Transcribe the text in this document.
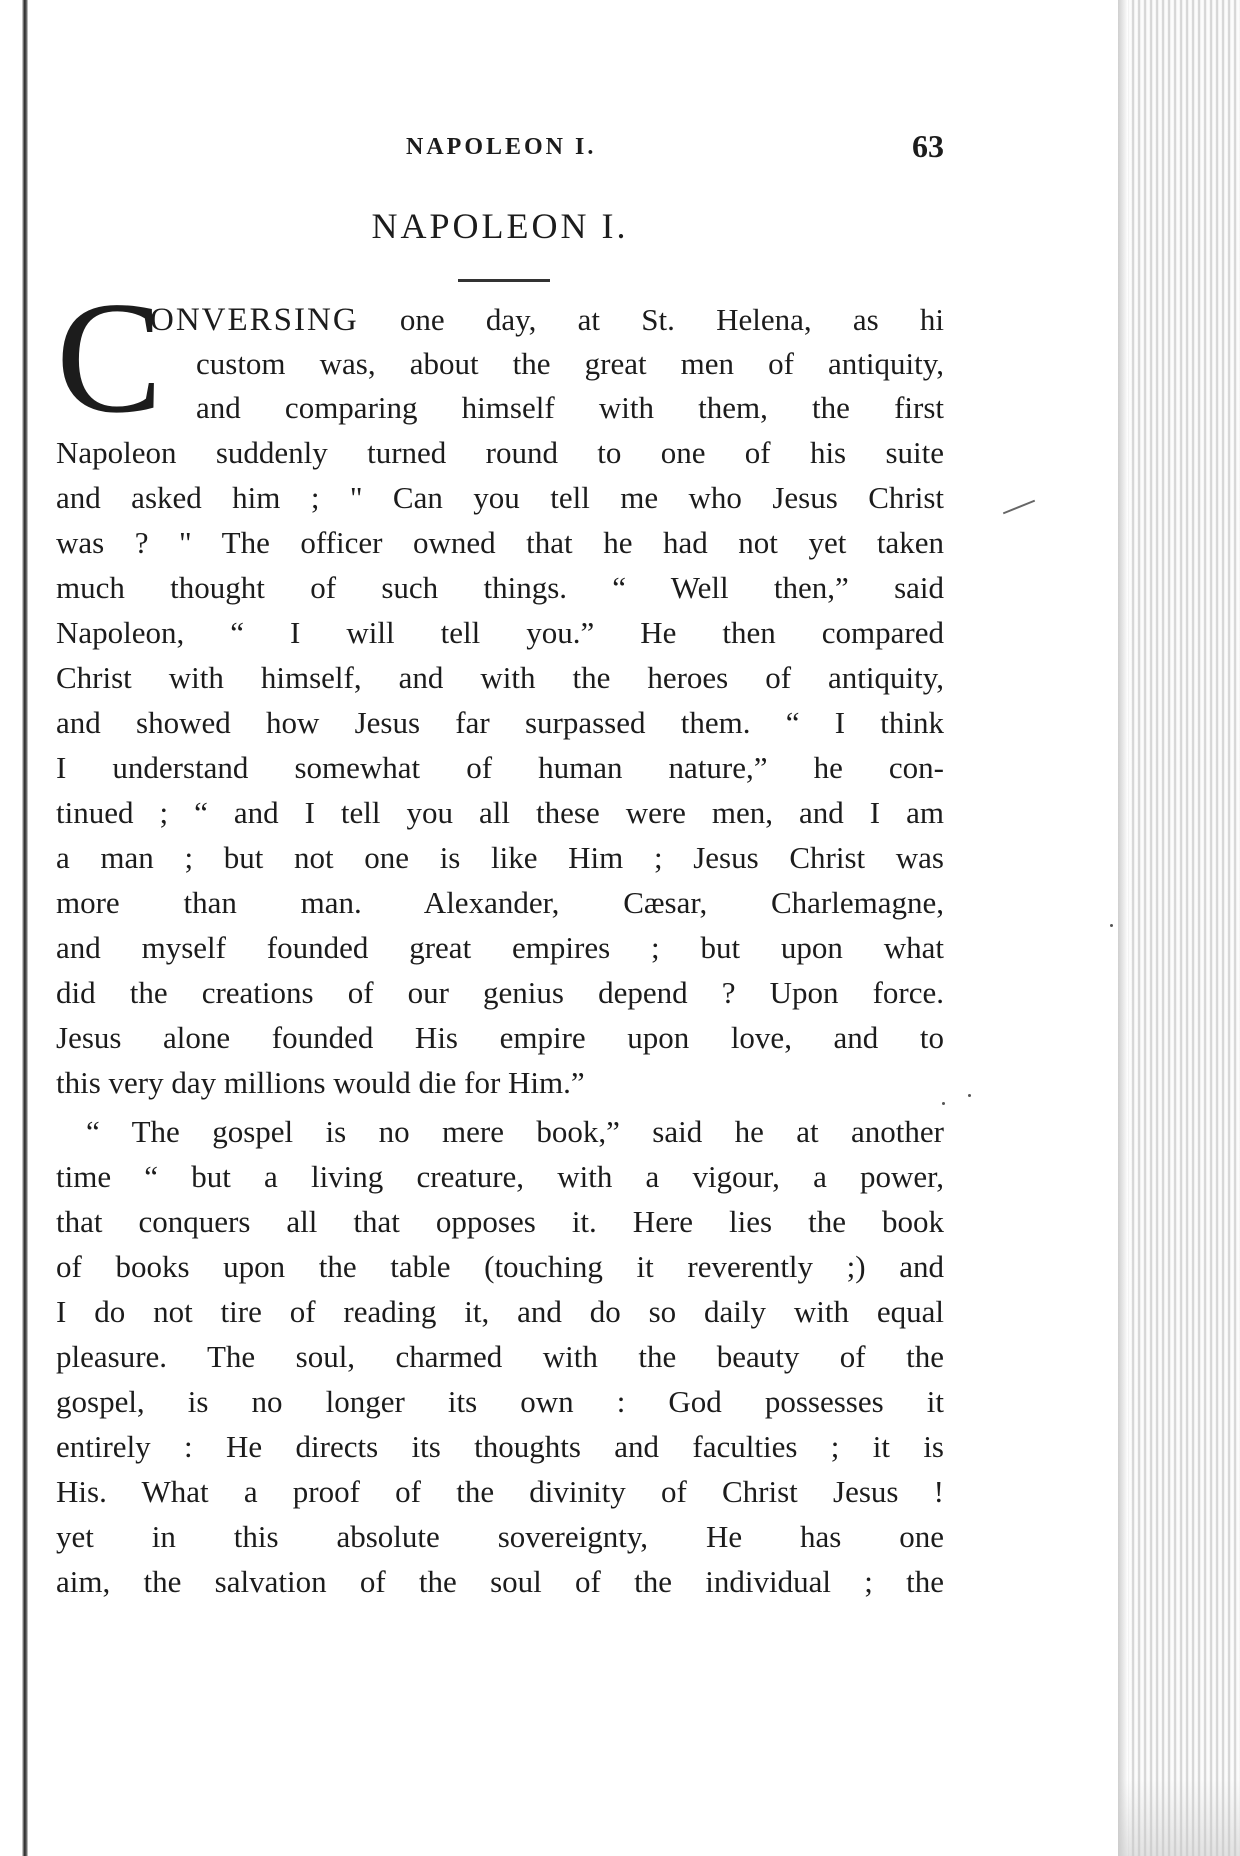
NAPOLEON I.	63
NAPOLEON I.
C
ONVERSING one day, at St. Helena, as hi
custom was, about the great men of antiquity,
and comparing himself with them, the first
Napoleon suddenly turned round to one of his suite
and asked him ; " Can you tell me who Jesus Christ
was ? " The officer owned that he had not yet taken
much thought of such things. “ Well then,” said
Napoleon, “ I will tell you.” He then compared
Christ with himself, and with the heroes of antiquity,
and showed how Jesus far surpassed them. “ I think
I understand somewhat of human nature,” he con-
tinued ; “ and I tell you all these were men, and I am
a man ; but not one is like Him ; Jesus Christ was
more than man. Alexander, Cæsar, Charlemagne,
and myself founded great empires ; but upon what
did the creations of our genius depend ? Upon force.
Jesus alone founded His empire upon love, and to
this very day millions would die for Him.”
“ The gospel is no mere book,” said he at another
time “ but a living creature, with a vigour, a power,
that conquers all that opposes it. Here lies the book
of books upon the table (touching it reverently ;) and
I do not tire of reading it, and do so daily with equal
pleasure. The soul, charmed with the beauty of the
gospel, is no longer its own : God possesses it
entirely : He directs its thoughts and faculties ; it is
His. What a proof of the divinity of Christ Jesus !
yet in this absolute sovereignty, He has one
aim, the salvation of the soul of the individual ; the
